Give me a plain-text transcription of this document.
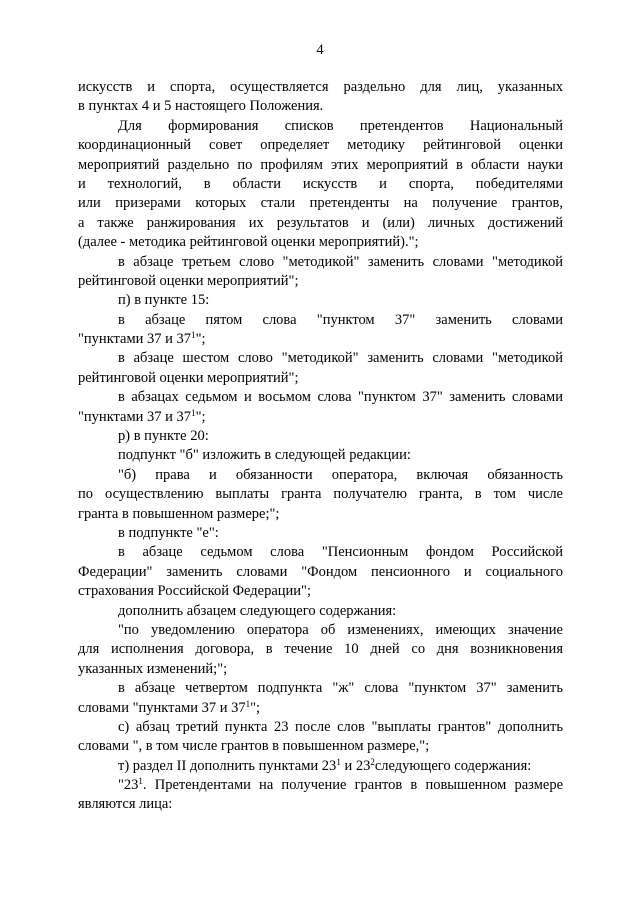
4
искусств и спорта, осуществляется раздельно для лиц, указанных
в пунктах 4 и 5 настоящего Положения.
Для формирования списков претендентов Национальный
координационный совет определяет методику рейтинговой оценки
мероприятий раздельно по профилям этих мероприятий в области науки
и технологий, в области искусств и спорта, победителями
или призерами которых стали претенденты на получение грантов,
а также ранжирования их результатов и (или) личных достижений
(далее - методика рейтинговой оценки мероприятий).";
в абзаце третьем слово "методикой" заменить словами "методикой
рейтинговой оценки мероприятий";
п) в пункте 15:
в абзаце пятом слова "пунктом 37" заменить словами
"пунктами 37 и $37^1$";
в абзаце шестом слово "методикой" заменить словами "методикой
рейтинговой оценки мероприятий";
в абзацах седьмом и восьмом слова "пунктом 37" заменить словами
"пунктами 37 и $37^1$";
р) в пункте 20:
подпункт "б" изложить в следующей редакции:
"б) права и обязанности оператора, включая обязанность
по осуществлению выплаты гранта получателю гранта, в том числе
гранта в повышенном размере;";
в подпункте "е":
в абзаце седьмом слова "Пенсионным фондом Российской
Федерации" заменить словами "Фондом пенсионного и социального
страхования Российской Федерации";
дополнить абзацем следующего содержания:
"по уведомлению оператора об изменениях, имеющих значение
для исполнения договора, в течение 10 дней со дня возникновения
указанных изменений;";
в абзаце четвертом подпункта "ж" слова "пунктом 37" заменить
словами "пунктами 37 и $37^1$";
с) абзац третий пункта 23 после слов "выплаты грантов" дополнить
словами ", в том числе грантов в повышенном размере,";
т) раздел II дополнить пунктами $23^1$ и $23^2следующего$ содержания:
"$23^1$. Претендентами на получение грантов в повышенном размере
являются лица:
